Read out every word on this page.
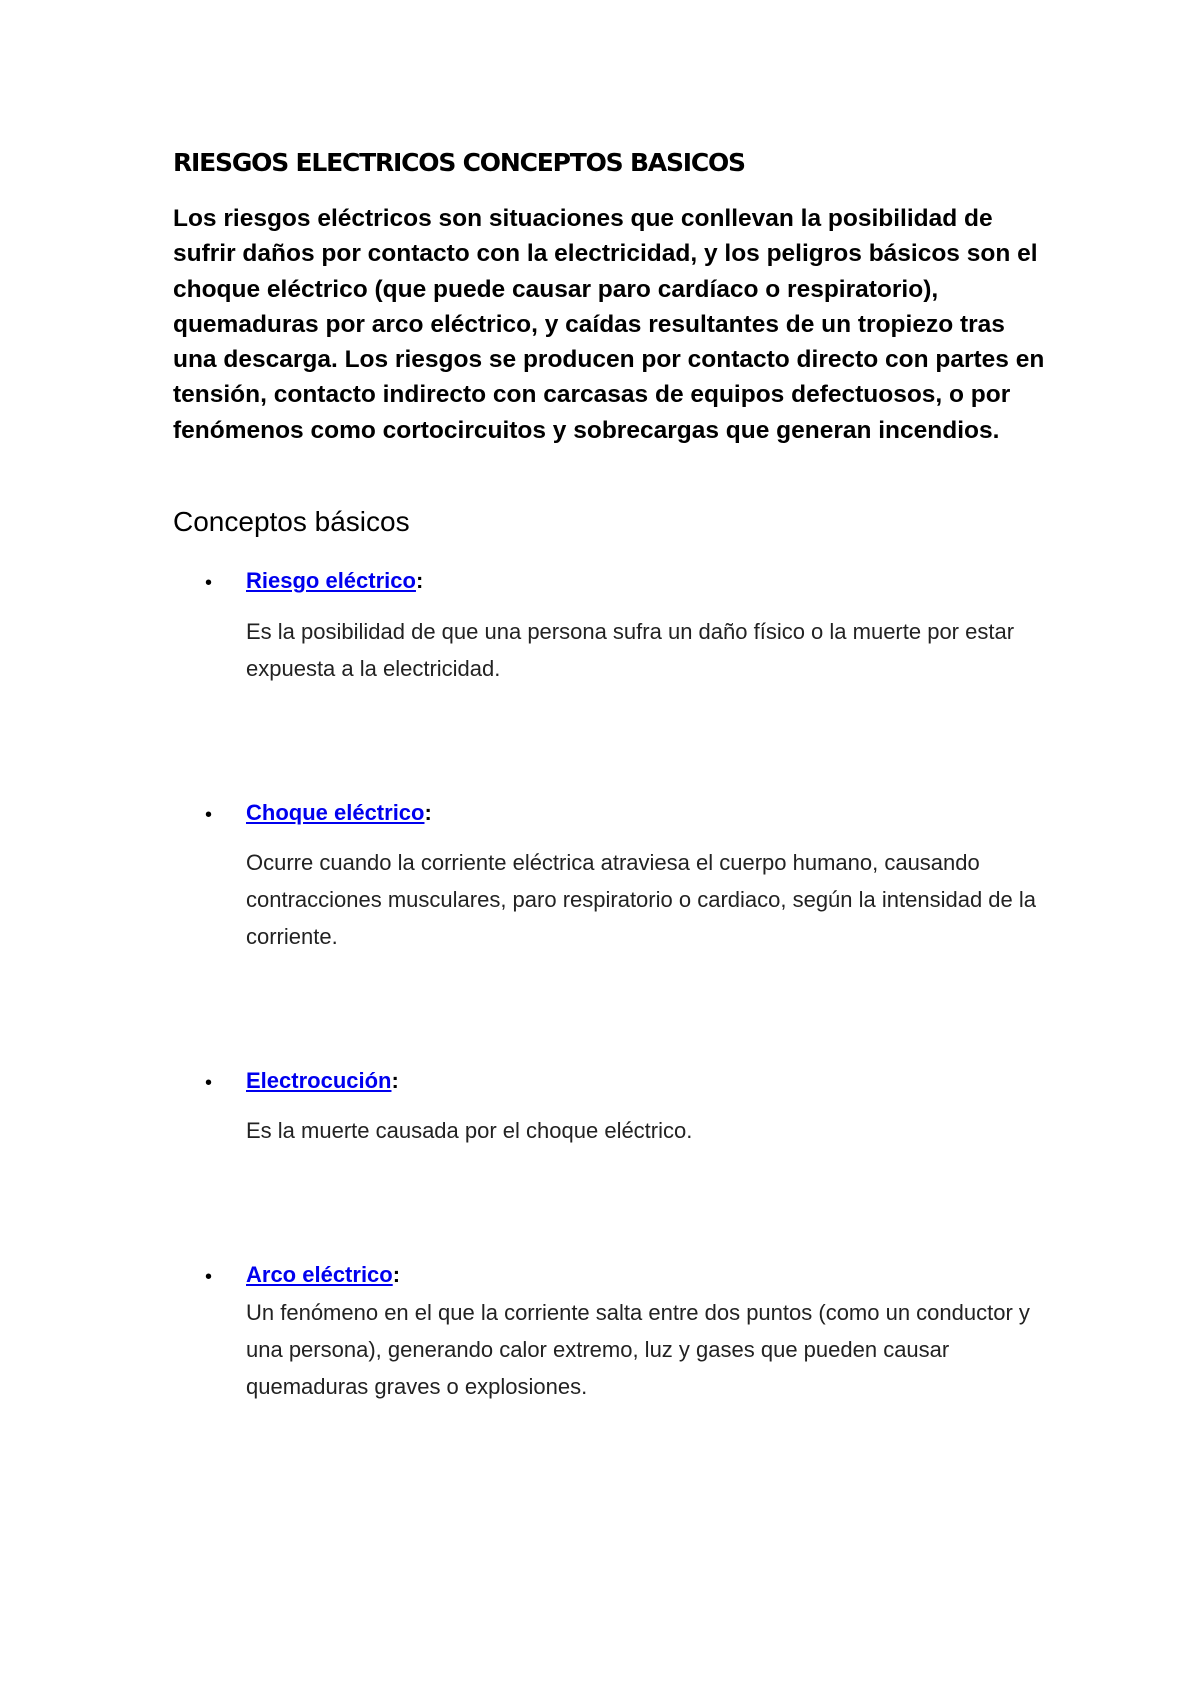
RIESGOS ELECTRICOS CONCEPTOS BASICOS

Los riesgos eléctricos son situaciones que conllevan la posibilidad de sufrir daños por contacto con la electricidad, y los peligros básicos son el choque eléctrico (que puede causar paro cardíaco o respiratorio), quemaduras por arco eléctrico, y caídas resultantes de un tropiezo tras una descarga. Los riesgos se producen por contacto directo con partes en tensión, contacto indirecto con carcasas de equipos defectuosos, o por fenómenos como cortocircuitos y sobrecargas que generan incendios.

Conceptos básicos
• Riesgo eléctrico:

Es la posibilidad de que una persona sufra un daño físico o la muerte por estar expuesta a la electricidad.

• Choque eléctrico:

Ocurre cuando la corriente eléctrica atraviesa el cuerpo humano, causando contracciones musculares, paro respiratorio o cardiaco, según la intensidad de la corriente.

• Electrocución:

Es la muerte causada por el choque eléctrico.

• Arco eléctrico:

Un fenómeno en el que la corriente salta entre dos puntos (como un conductor y una persona), generando calor extremo, luz y gases que pueden causar quemaduras graves o explosiones.
